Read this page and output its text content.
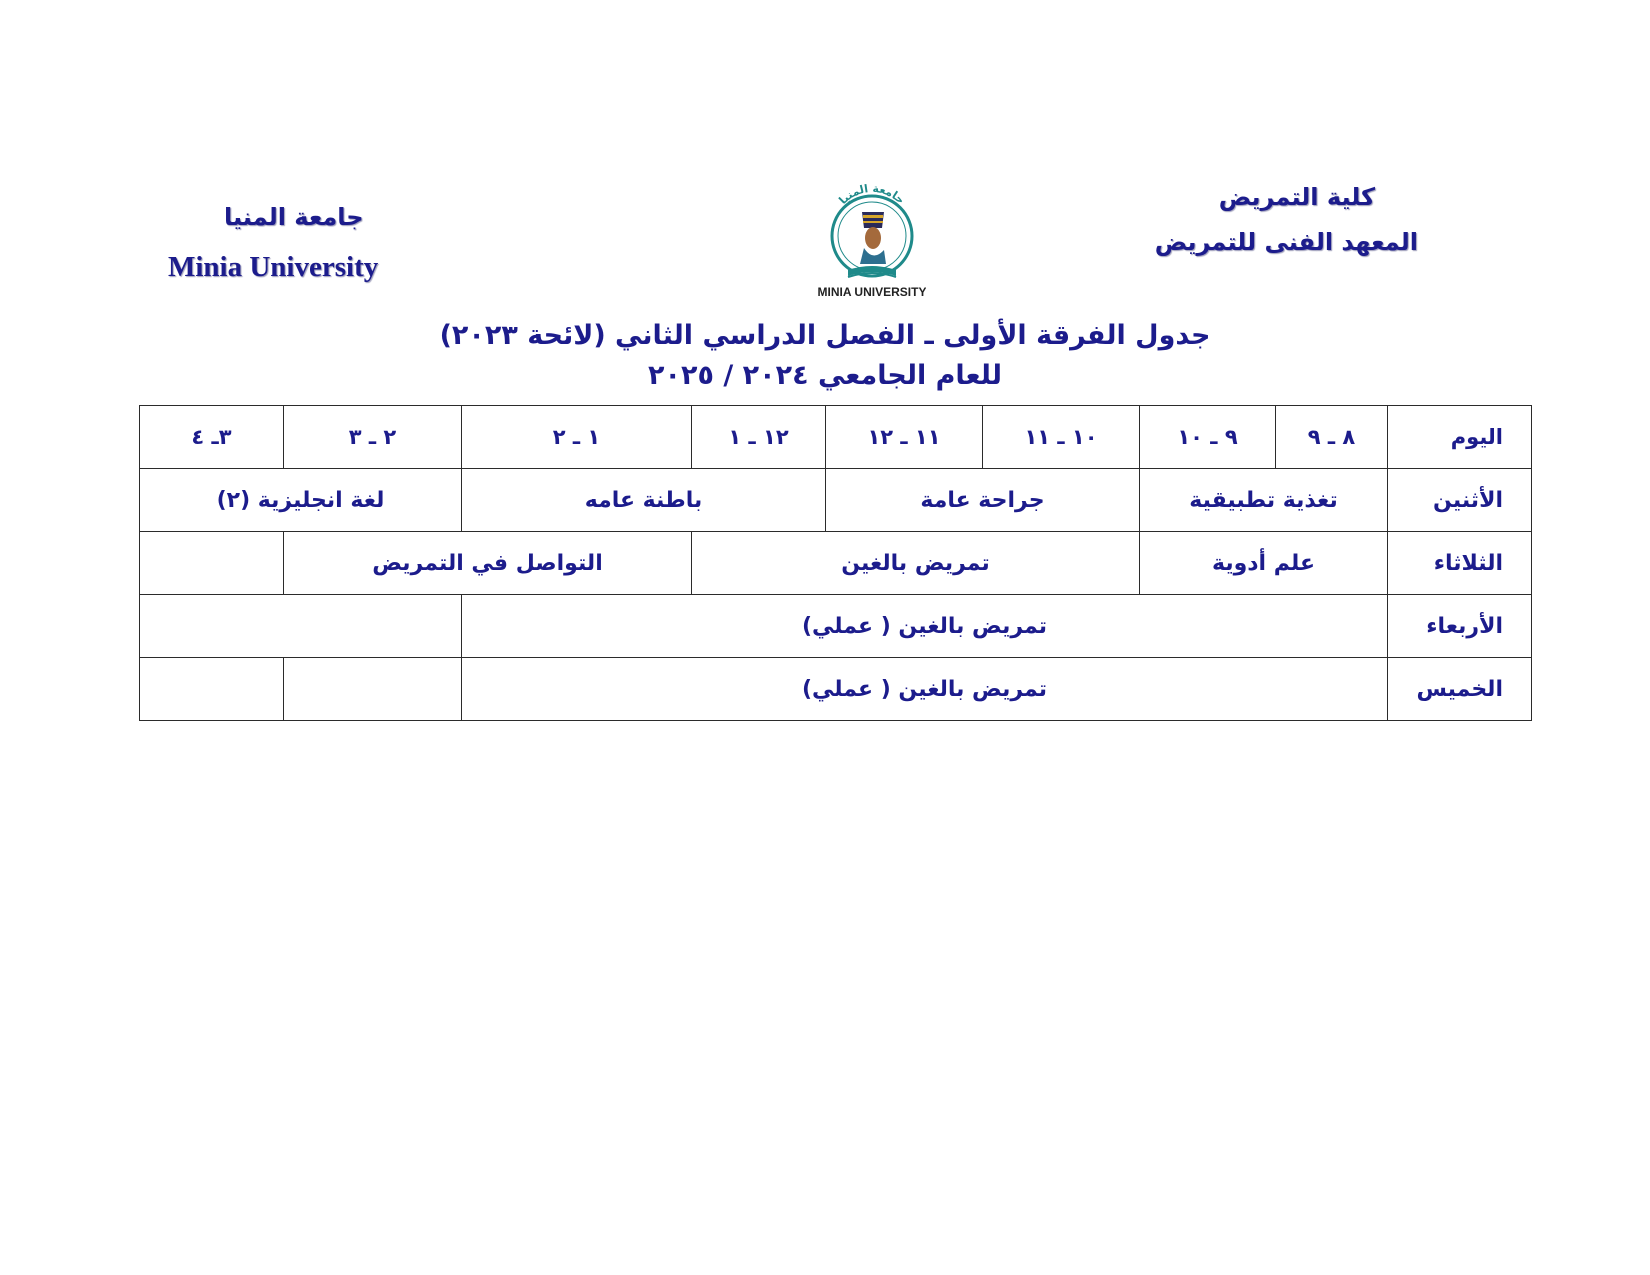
كلية التمريض
المعهد الفنى للتمريض
جامعة المنيا
Minia University
جامعة المنيا
MINIA UNIVERSITY
جدول الفرقة الأولى ـ الفصل الدراسي الثاني (لائحة ٢٠٢٣)
للعام الجامعي ٢٠٢٤ / ٢٠٢٥
اليوم	٨ ـ ٩	٩ ـ ١٠	١٠ ـ ١١	١١ ـ ١٢	١٢ ـ ١	١ ـ ٢	٢ ـ ٣	٣ـ ٤
الأثنين	تغذية تطبيقية		جراحة عامة		باطنة عامه		لغة انجليزية (٢)	
الثلاثاء	علم أدوية		تمريض بالغين			التواصل في التمريض		
الأربعاء	تمريض بالغين ( عملي)							
الخميس	تمريض بالغين ( عملي)							
